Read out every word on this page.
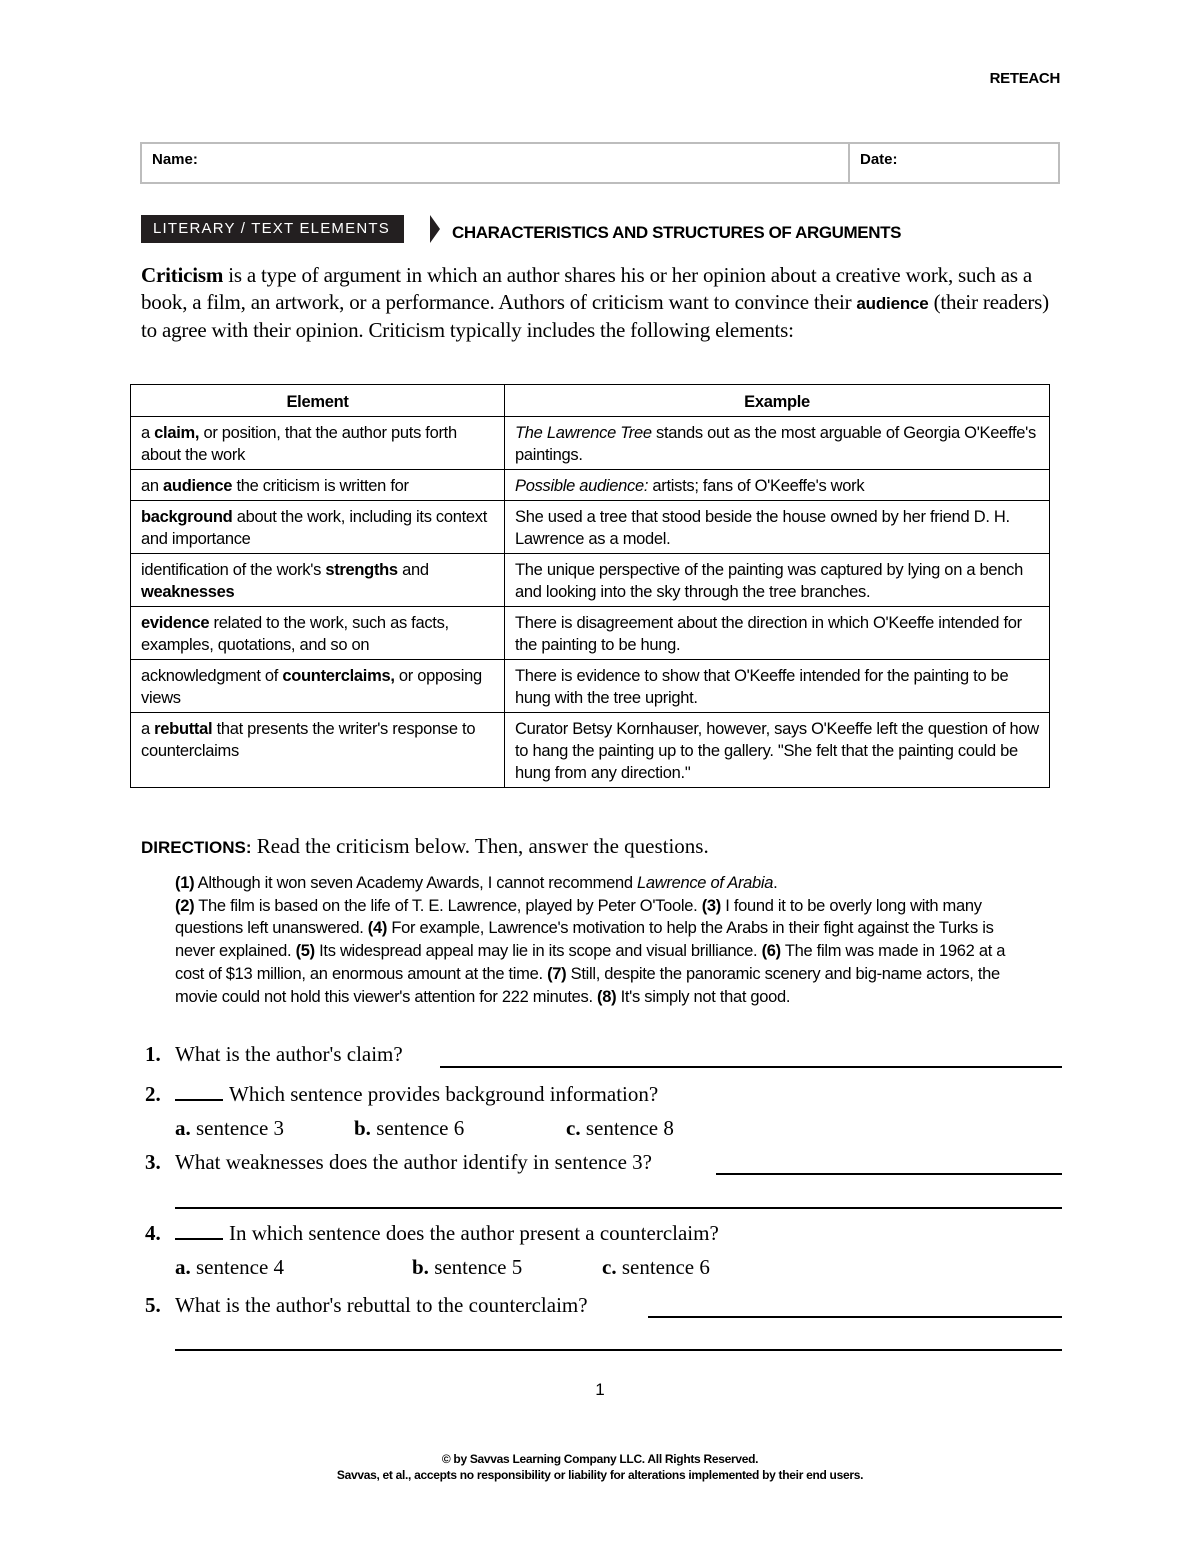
RETEACH
Name:	Date:
LITERARY / TEXT ELEMENTS	CHARACTERISTICS AND STRUCTURES OF ARGUMENTS
Criticism is a type of argument in which an author shares his or her opinion about a creative work, such as a book, a film, an artwork, or a performance. Authors of criticism want to convince their audience (their readers) to agree with their opinion. Criticism typically includes the following elements:
Element	Example
a claim, or position, that the author puts forth about the work	The Lawrence Tree stands out as the most arguable of Georgia O'Keeffe's paintings.
an audience the criticism is written for	Possible audience: artists; fans of O'Keeffe's work
background about the work, including its context and importance	She used a tree that stood beside the house owned by her friend D. H. Lawrence as a model.
identification of the work's strengths and weaknesses	The unique perspective of the painting was captured by lying on a bench and looking into the sky through the tree branches.
evidence related to the work, such as facts, examples, quotations, and so on	There is disagreement about the direction in which O'Keeffe intended for the painting to be hung.
acknowledgment of counterclaims, or opposing views	There is evidence to show that O'Keeffe intended for the painting to be hung with the tree upright.
a rebuttal that presents the writer's response to counterclaims	Curator Betsy Kornhauser, however, says O'Keeffe left the question of how to hang the painting up to the gallery. "She felt that the painting could be hung from any direction."
DIRECTIONS: Read the criticism below. Then, answer the questions.
(1) Although it won seven Academy Awards, I cannot recommend Lawrence of Arabia.
(2) The film is based on the life of T. E. Lawrence, played by Peter O'Toole. (3) I found it to be overly long with many questions left unanswered. (4) For example, Lawrence's motivation to help the Arabs in their fight against the Turks is never explained. (5) Its widespread appeal may lie in its scope and visual brilliance. (6) The film was made in 1962 at a cost of $13 million, an enormous amount at the time. (7) Still, despite the panoramic scenery and big-name actors, the movie could not hold this viewer's attention for 222 minutes. (8) It's simply not that good.
1. What is the author's claim?
2.	Which sentence provides background information?
a. sentence 3	b. sentence 6	c. sentence 8
3. What weaknesses does the author identify in sentence 3?
4.	In which sentence does the author present a counterclaim?
a. sentence 4	b. sentence 5	c. sentence 6
5. What is the author's rebuttal to the counterclaim?
1
© by Savvas Learning Company LLC. All Rights Reserved.
Savvas, et al., accepts no responsibility or liability for alterations implemented by their end users.
